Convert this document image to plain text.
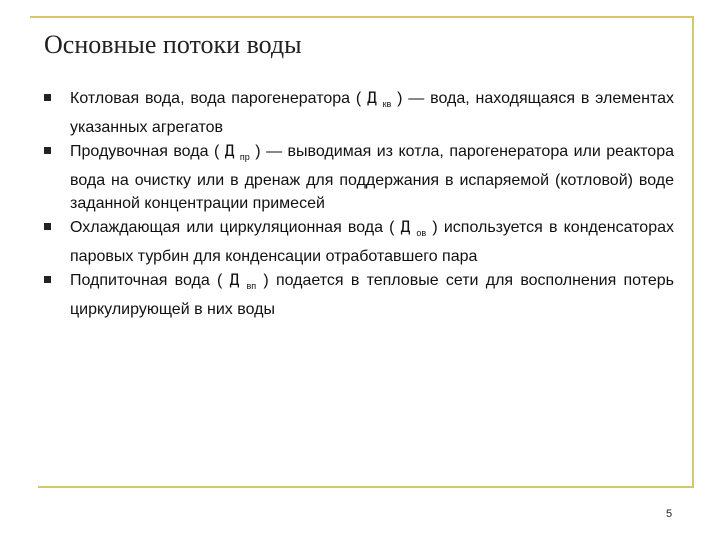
Основные потоки воды
Котловая вода, вода парогенератора ( Д $_{кв}$ ) — вода, находящаяся в элементах указанных агрегатов
Продувочная вода ( Д $_{пр}$ ) — выводимая из котла, парогенератора или реактора вода на очистку или в дренаж для поддержания в испаряемой (котловой) воде заданной концентрации примесей
Охлаждающая или циркуляционная вода ( Д $_{ов}$ ) используется в конденсаторах паровых турбин для конденсации отработавшего пара
Подпиточная вода ( Д $_{вп}$ ) подается в тепловые сети для восполнения потерь циркулирующей в них воды
5
